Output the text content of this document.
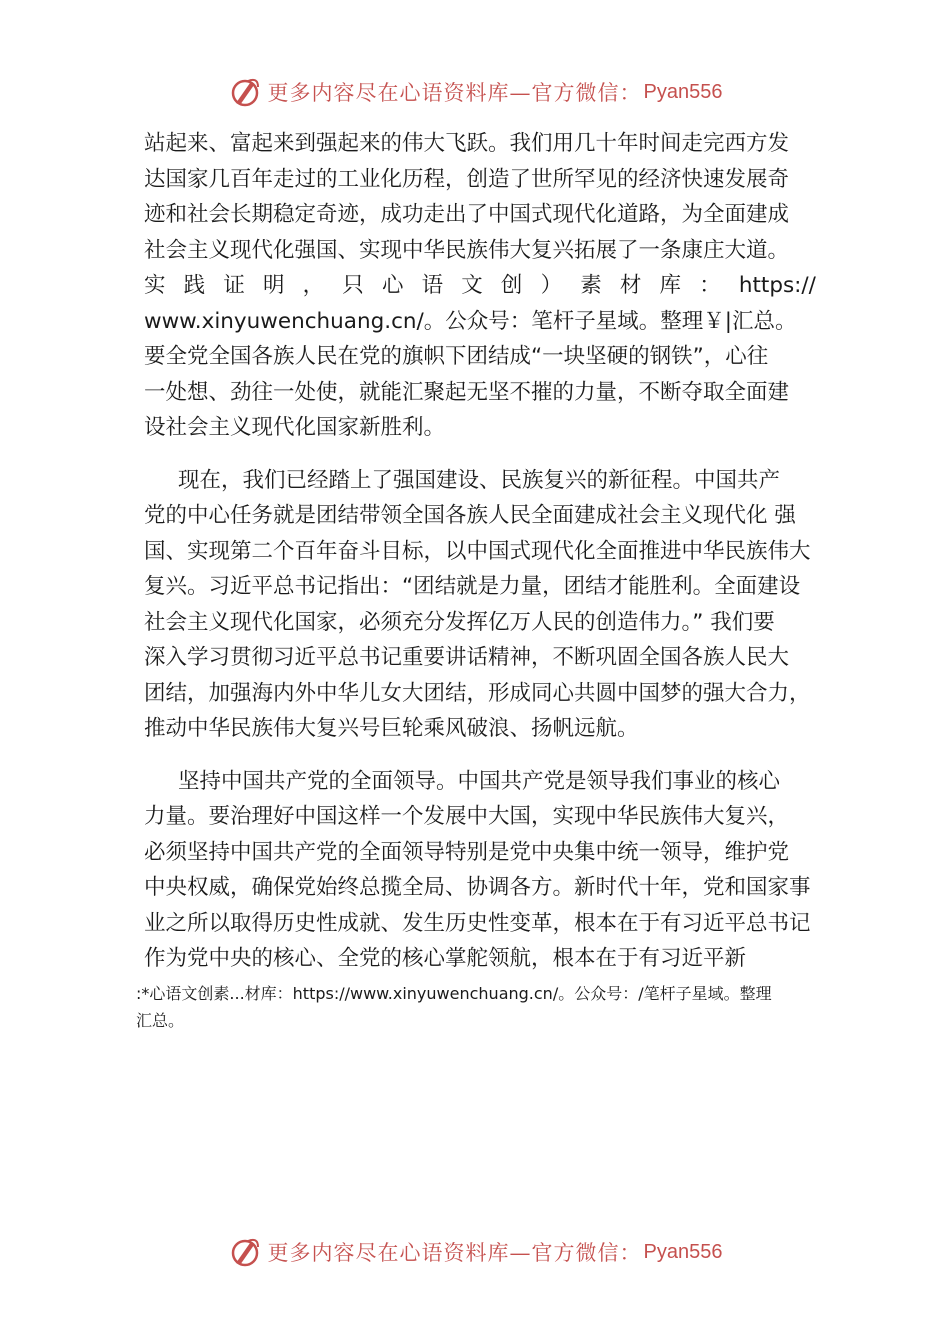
更多内容尽在心语资料库—官方微信： Pyan556
站起来、富起来到强起来的伟大飞跃。我们用几十年时间走完西方发
达国家几百年走过的工业化历程，创造了世所罕见的经济快速发展奇
迹和社会长期稳定奇迹，成功走出了中国式现代化道路，为全面建成
社会主义现代化强国、实现中华民族伟大复兴拓展了一条康庄大道。
实 践 证 明 ， 只 心 语 文 创 ） 素 材 库 ： https://
www.xinyuwenchuang.cn/。公众号：笔杆子星域。整理￥|汇总。
要全党全国各族人民在党的旗帜下团结成“一块坚硬的钢铁”，心往
一处想、劲往一处使，就能汇聚起无坚不摧的力量，不断夺取全面建
设社会主义现代化国家新胜利。
现在，我们已经踏上了强国建设、民族复兴的新征程。中国共产
党的中心任务就是团结带领全国各族人民全面建成社会主义现代化 强
国、实现第二个百年奋斗目标，以中国式现代化全面推进中华民族伟大
复兴。习近平总书记指出：“团结就是力量，团结才能胜利。全面建设
社会主义现代化国家，必须充分发挥亿万人民的创造伟力。” 我们要
深入学习贯彻习近平总书记重要讲话精神，不断巩固全国各族人民大
团结，加强海内外中华儿女大团结，形成同心共圆中国梦的强大合力，
推动中华民族伟大复兴号巨轮乘风破浪、扬帆远航。
坚持中国共产党的全面领导。中国共产党是领导我们事业的核心
力量。要治理好中国这样一个发展中大国，实现中华民族伟大复兴，
必须坚持中国共产党的全面领导特别是党中央集中统一领导，维护党
中央权威，确保党始终总揽全局、协调各方。新时代十年，党和国家事
业之所以取得历史性成就、发生历史性变革，根本在于有习近平总书记
作为党中央的核心、全党的核心掌舵领航，根本在于有习近平新
:*心语文创素...材库：https://www.xinyuwenchuang.cn/。公众号：/笔杆子星域。整理
汇总。
更多内容尽在心语资料库—官方微信： Pyan556
